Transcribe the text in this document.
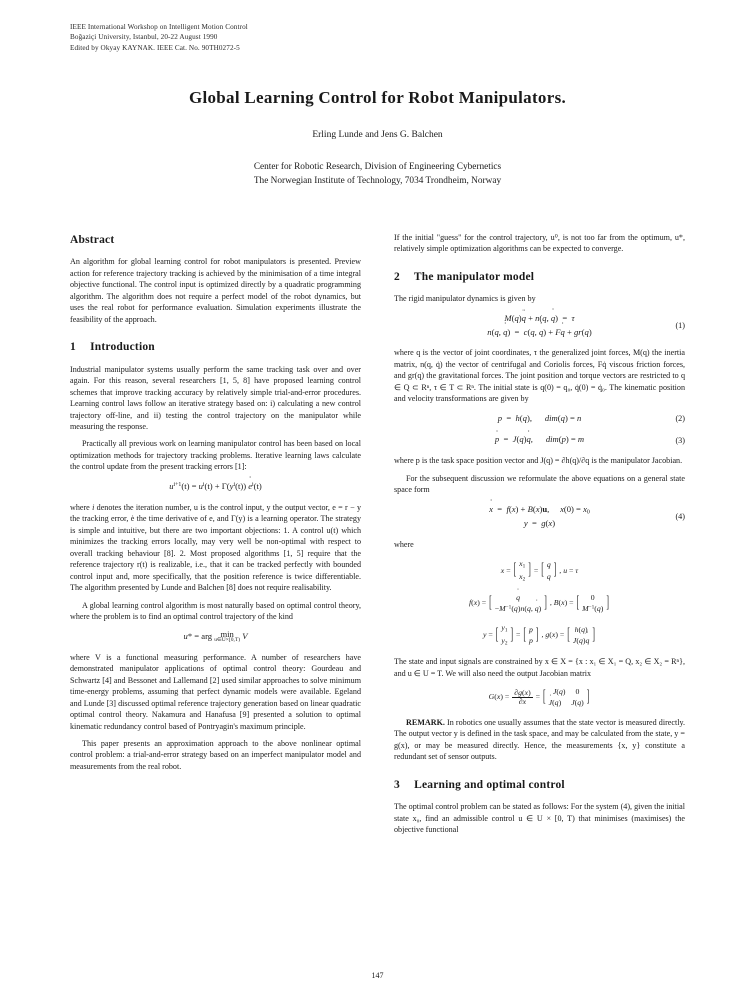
IEEE International Workshop on Intelligent Motion Control
Boğaziçi University, Istanbul, 20-22 August 1990
Edited by Okyay KAYNAK. IEEE Cat. No. 90TH0272-5
Global Learning Control for Robot Manipulators.
Erling Lunde and Jens G. Balchen
Center for Robotic Research, Division of Engineering Cybernetics
The Norwegian Institute of Technology, 7034 Trondheim, Norway
Abstract

An algorithm for global learning control for robot manipulators is presented. Preview action for reference trajectory tracking is achieved by the minimisation of a time integral objective functional. The control input is optimized directly by a quadratic programming algorithm. The algorithm does not require a perfect model of the robot dynamics, but uses the real robot for performance evaluation. Simulation experiments illustrate the feasibility of the approach.

1 Introduction

Industrial manipulator systems usually perform the same tracking task over and over again. For this reason, several researchers [1, 5, 8] have proposed learning control schemes that improve tracking accuracy by relatively simple trial-and-error procedures. Learning control laws follow an iterative strategy based on: i) calculating a new control trajectory off-line, and ii) testing the control trajectory on the manipulator while measuring the response.

Practically all previous work on learning manipulator control has been based on local optimization methods for trajectory tracking problems. Iterative learning laws calculate the control update from the present tracking errors [1]:

$u^{i+1}(t) = u^i(t) + \Gamma(y^i(t))$ e ˙$^i$(t)

where i denotes the iteration number, u is the control input, y the output vector, e = r − y the tracking error, ė the time derivative of e, and Γ(y) is a learning operator. The strategy is simple and intuitive, but there are two important objections: 1. A control u(t) which minimizes the tracking errors locally, may very well be non-optimal with respect to overall tracking behaviour [8]. 2. Most proposed algorithms [1, 5] require that the reference trajectory r(t) is realizable, i.e., that it can be tracked perfectly with bounded control input and, more specifically, that the position reference is twice differentiable. The algorithm presented by Lunde and Balchen [8] does not require realisability.

A global learning control algorithm is most naturally based on optimal control theory, where the problem is to find an optimal control trajectory of the kind

u* = arg min
u∈U×[0,T) V

where V is a functional measuring performance. A number of researchers have demonstrated manipulator applications of optimal control theory: Gourdeau and Schwartz [4] and Bessonet and Lallemand [2] used similar approaches to solve minimum time-energy problems, assuming that perfect dynamic models were available. Egeland and Lunde [3] discussed optimal reference trajectory generation based on linear quadratic optimal control theory. Nakamura and Hanafusa [9] presented a solution to optimal kinematic redundancy control based of Pontryagin's maximum principle.

This paper presents an approximation approach to the above nonlinear optimal control problem: a trial-and-error strategy based on an imperfect manipulator model and measurements from the real robot.

If the initial "guess" for the control trajectory, u⁰, is not too far from the optimum, u*, relatively simple optimization algorithms can be expected to converge.

2 The manipulator model

The rigid manipulator dynamics is given by

M(q)q ¨ + n(q, q ˙)  =  τ
n(q, q ˙)  =  c(q, q ˙) + Fq ˙ + gr(q)
(1)

where q is the vector of joint coordinates, τ the generalized joint forces, M(q) the inertia matrix, n(q, q̇) the vector of centrifugal and Coriolis forces, Fq̇ viscous friction forces, and gr(q) the gravitational forces. The joint position and torque vectors are restricted to q ∈ Q ⊂ Rⁿ, τ ∈ T ⊂ Rⁿ. The initial state is q(0) = q₀, q̇(0) = q̇₀. The kinematic position and velocity transformations are given by

p  =  h(q),      dim(q) = n	(2)
p ˙  =  J(q)q ˙,      dim(p) = m	(3)

where p is the task space position vector and J(q) = ∂h(q)/∂q is the manipulator Jacobian.

For the subsequent discussion we reformulate the above equations on a general state space form

x ˙  =  f(x) + B(x)u,     $x(0) = x_0$
y  =  g(x)
(4)

where

x = [ $x_1$
$x_2$
] = [ q
q ˙ ] , u = τ
f(x) = [	q ˙
$-M^{-1}(q)n(q$, q ˙) ] , B(x) = [ 0
$M^{-1}(q)$ ]
y = [ $y_1$
$y_2$
] = [ p
p ˙ ] , g(x) = [ h(q)
J(q)q ˙ ]

The state and input signals are constrained by x ∈ X = {x : x₁ ∈ X₁ = Q, x₂ ∈ X₂ = Rⁿ}, and u ∈ U = T. We will also need the output Jacobian matrix

$G(x) = \frac{\partial g(x)}{\partial x}$ = [ J(q) 0
J ˙(q) J(q) ]

REMARK. In robotics one usually assumes that the state vector is measured directly. The output vector y is defined in the task space, and may be calculated from the state, y = g(x), or may be measured directly. Hence, the measurements {x, y} constitute a redundant set of sensor outputs.

3 Learning and optimal control

The optimal control problem can be stated as follows: For the system (4), given the initial state x₀, find an admissible control u ∈ U × [0, T) that minimises (maximises) the objective functional

147
